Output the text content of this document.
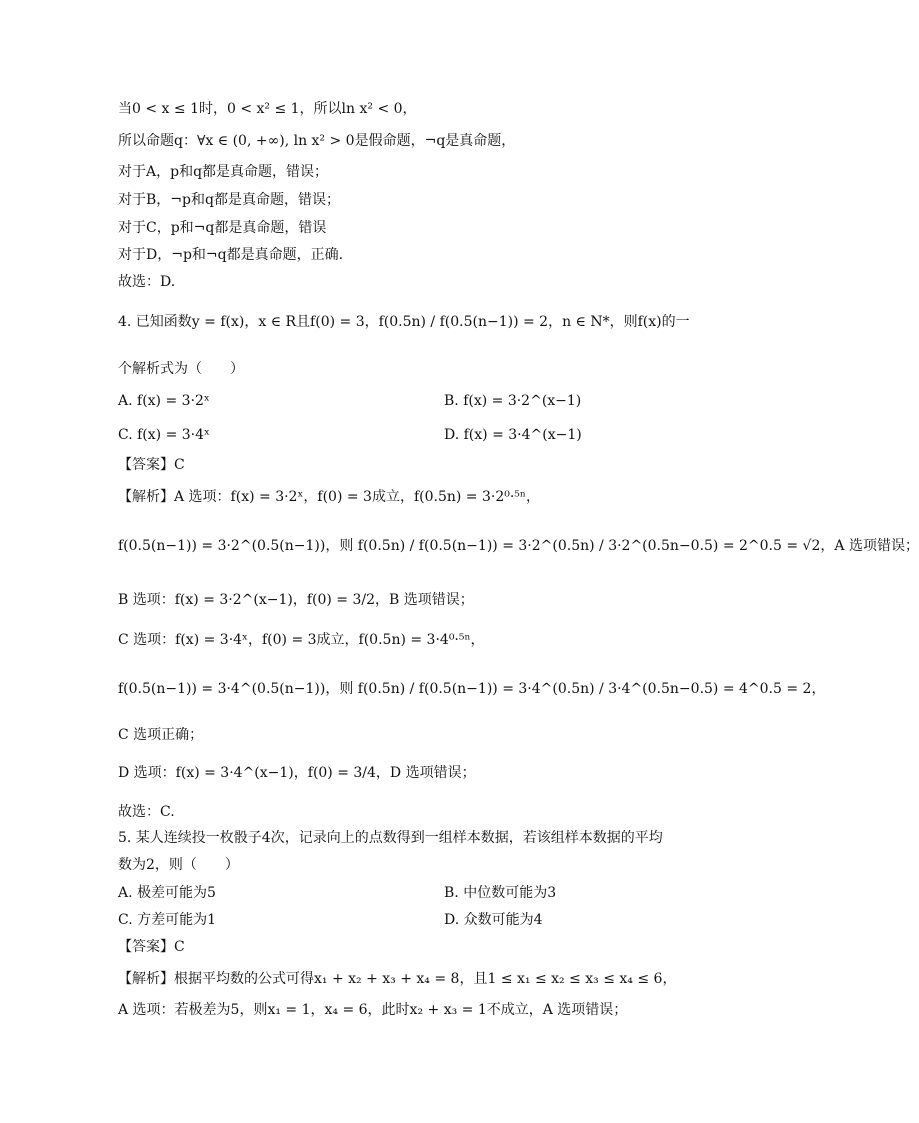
当0 < x ≤ 1时，0 < x² ≤ 1，所以ln x² < 0，
所以命题q：∀x ∈ (0, +∞), ln x² > 0是假命题，¬q是真命题，
对于A，p和q都是真命题，错误；
对于B，¬p和q都是真命题，错误；
对于C，p和¬q都是真命题，错误
对于D，¬p和¬q都是真命题，正确.
故选：D.
4. 已知函数y = f(x)，x ∈ R且f(0) = 3，f(0.5n) / f(0.5(n−1)) = 2，n ∈ N*，则f(x)的一
个解析式为（　　）
A. f(x) = 3·2ˣ	B. f(x) = 3·2^(x−1)
C. f(x) = 3·4ˣ	D. f(x) = 3·4^(x−1)
【答案】C
【解析】A 选项：f(x) = 3·2ˣ，f(0) = 3成立，f(0.5n) = 3·2⁰·⁵ⁿ，
f(0.5(n−1)) = 3·2^(0.5(n−1))，则 f(0.5n) / f(0.5(n−1)) = 3·2^(0.5n) / 3·2^(0.5n−0.5) = 2^0.5 = √2，A 选项错误；
B 选项：f(x) = 3·2^(x−1)，f(0) = 3/2，B 选项错误；
C 选项：f(x) = 3·4ˣ，f(0) = 3成立，f(0.5n) = 3·4⁰·⁵ⁿ，
f(0.5(n−1)) = 3·4^(0.5(n−1))，则 f(0.5n) / f(0.5(n−1)) = 3·4^(0.5n) / 3·4^(0.5n−0.5) = 4^0.5 = 2，
C 选项正确；
D 选项：f(x) = 3·4^(x−1)，f(0) = 3/4，D 选项错误；
故选：C.
5. 某人连续投一枚骰子4次，记录向上的点数得到一组样本数据，若该组样本数据的平均
数为2，则（　　）
A. 极差可能为5	B. 中位数可能为3
C. 方差可能为1	D. 众数可能为4
【答案】C
【解析】根据平均数的公式可得x₁ + x₂ + x₃ + x₄ = 8，且1 ≤ x₁ ≤ x₂ ≤ x₃ ≤ x₄ ≤ 6，
A 选项：若极差为5，则x₁ = 1，x₄ = 6，此时x₂ + x₃ = 1不成立，A 选项错误；
